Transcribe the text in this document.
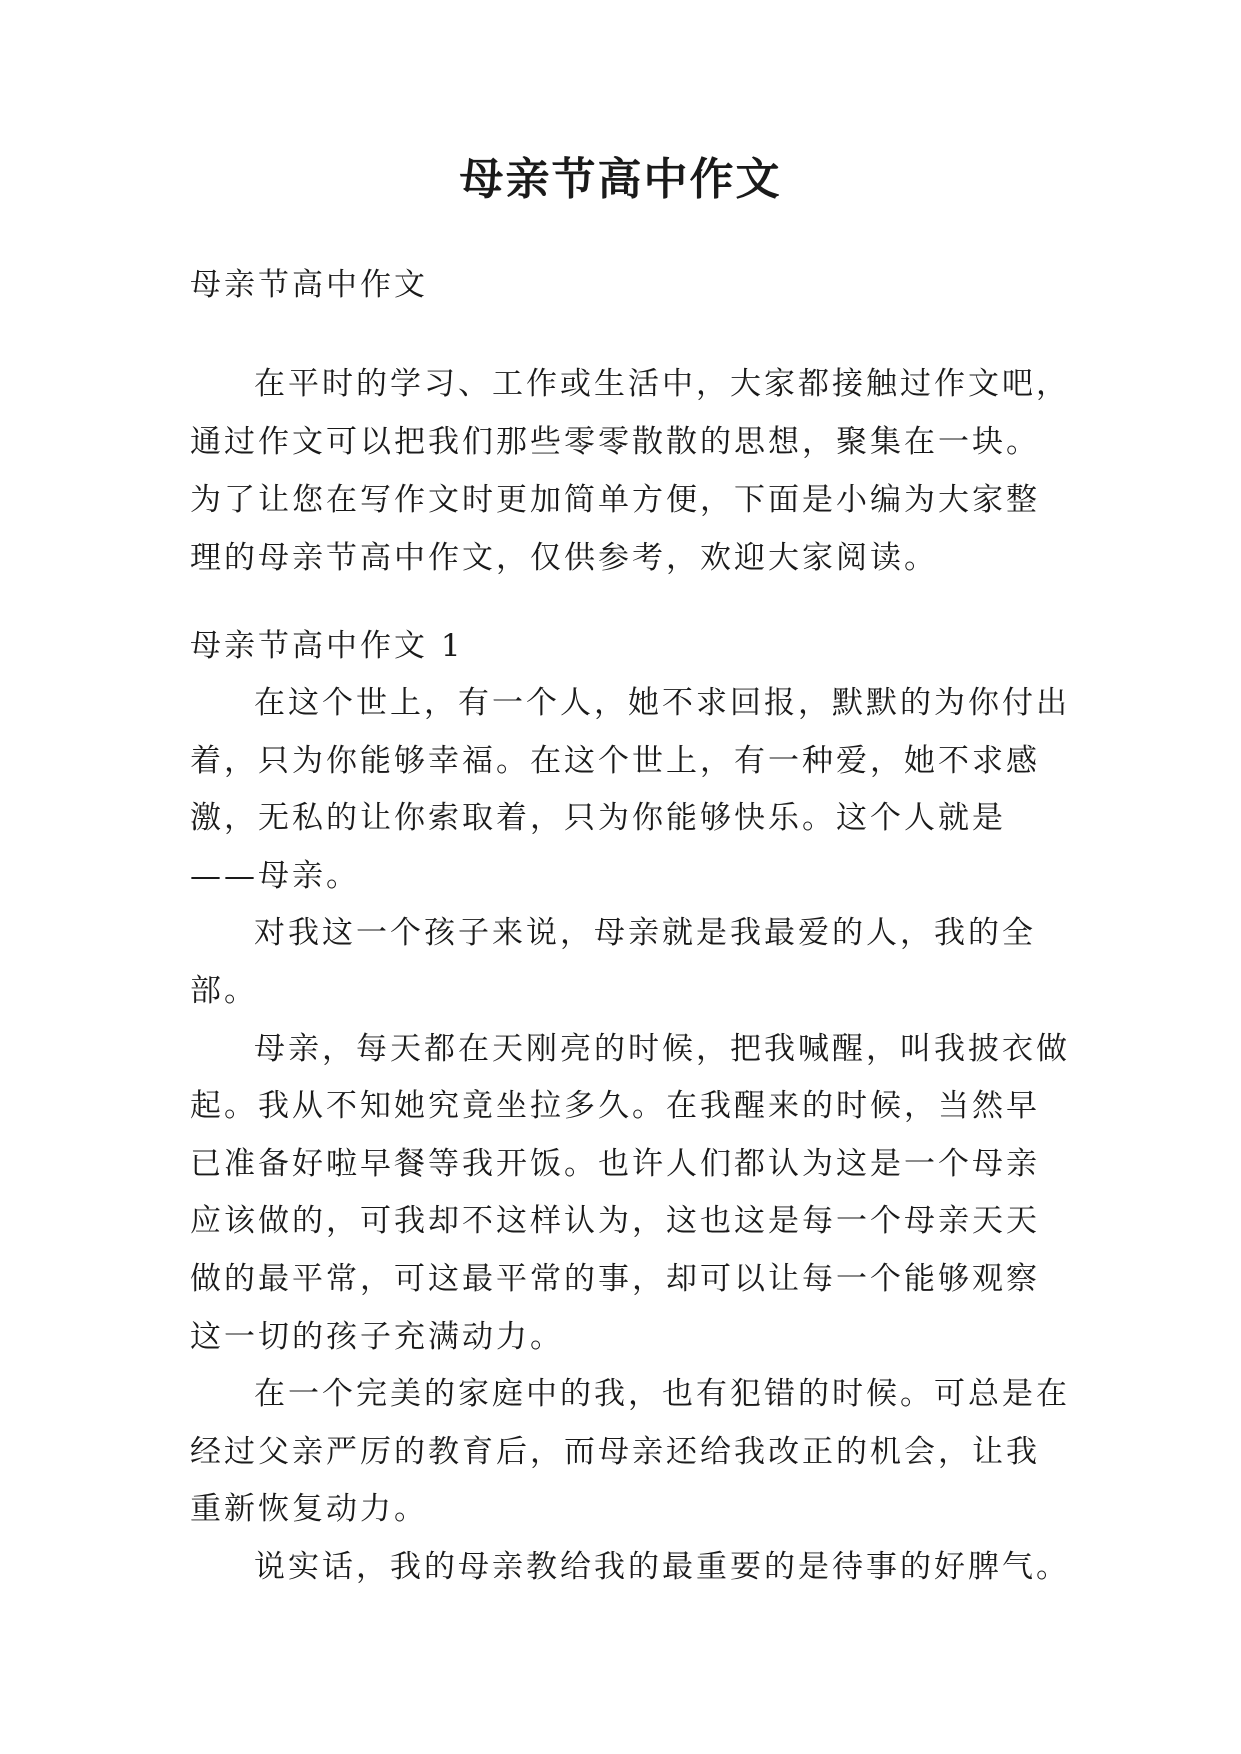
母亲节高中作文

母亲节高中作文

在平时的学习、工作或生活中，大家都接触过作文吧，通过作文可以把我们那些零零散散的思想，聚集在一块。为了让您在写作文时更加简单方便，下面是小编为大家整理的母亲节高中作文，仅供参考，欢迎大家阅读。

母亲节高中作文 1

在这个世上，有一个人，她不求回报，默默的为你付出着，只为你能够幸福。在这个世上，有一种爱，她不求感激，无私的让你索取着，只为你能够快乐。这个人就是——母亲。

对我这一个孩子来说，母亲就是我最爱的人，我的全部。

母亲，每天都在天刚亮的时候，把我喊醒，叫我披衣做起。我从不知她究竟坐拉多久。在我醒来的时候，当然早已准备好啦早餐等我开饭。也许人们都认为这是一个母亲应该做的，可我却不这样认为，这也这是每一个母亲天天做的最平常，可这最平常的事，却可以让每一个能够观察这一切的孩子充满动力。

在一个完美的家庭中的我，也有犯错的时候。可总是在经过父亲严厉的教育后，而母亲还给我改正的机会，让我重新恢复动力。

说实话，我的母亲教给我的最重要的是待事的好脾气。
